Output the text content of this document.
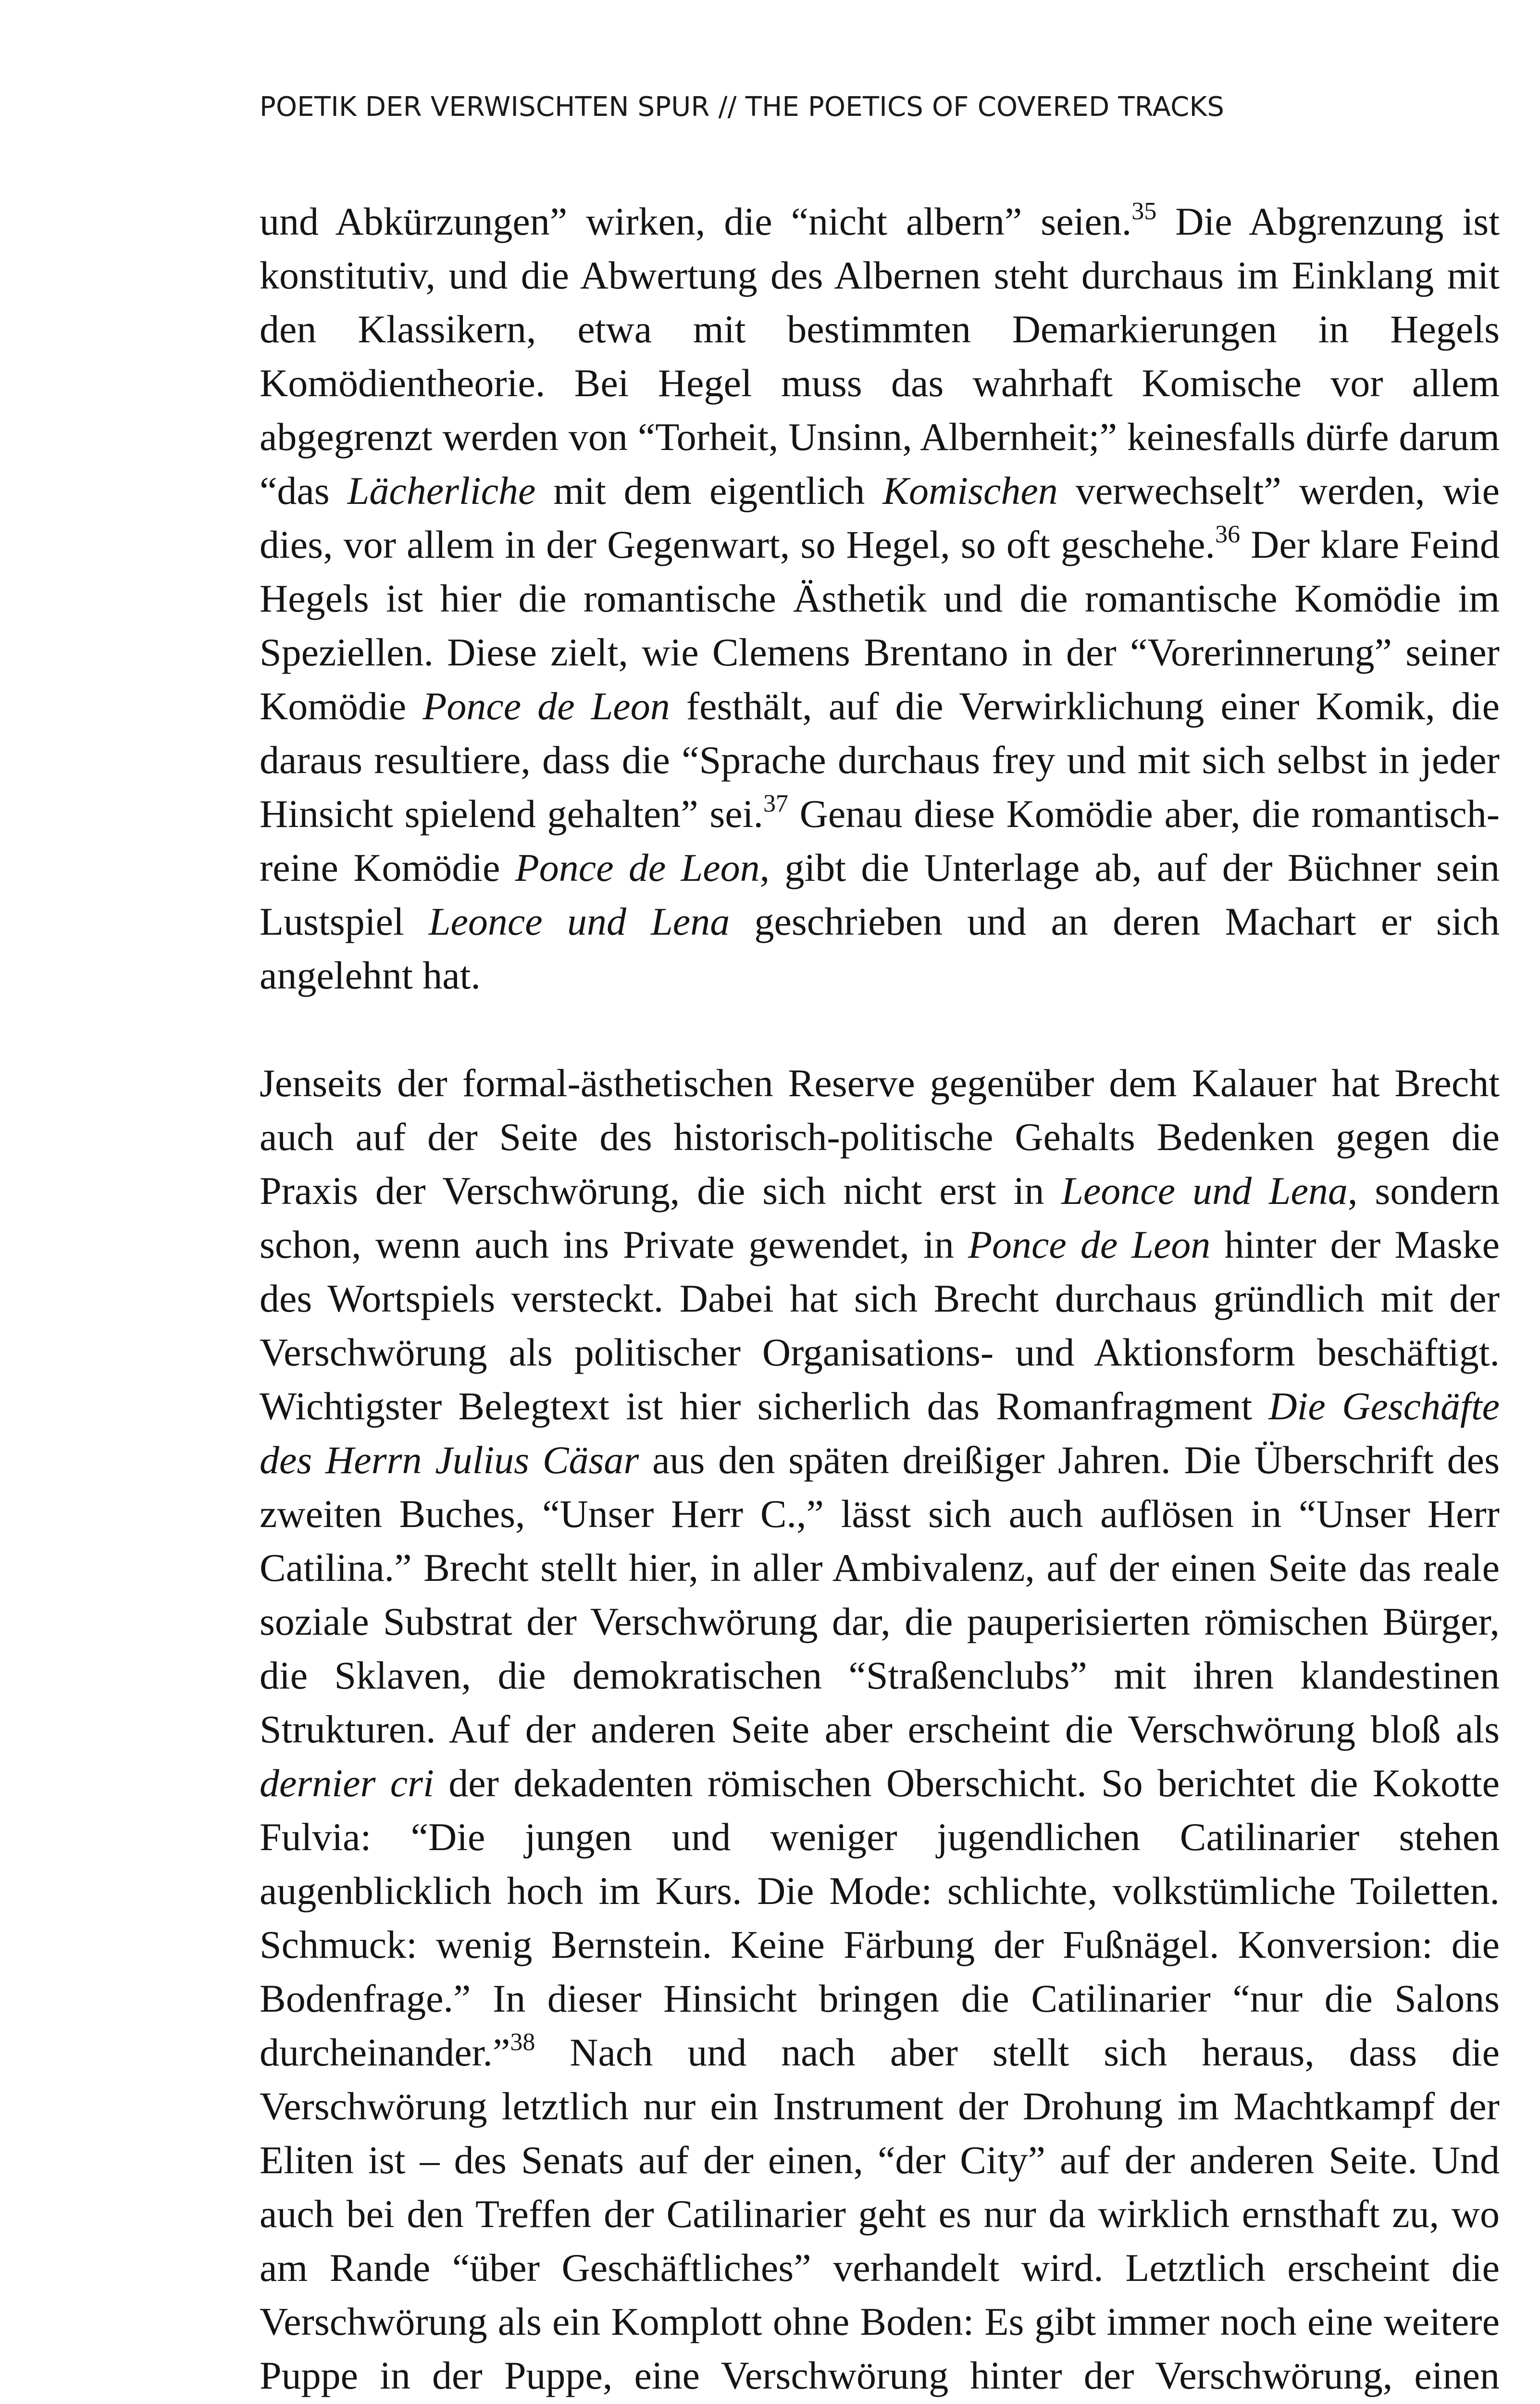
POETIK DER VERWISCHTEN SPUR // THE POETICS OF COVERED TRACKS

und Abkürzungen” wirken, die “nicht albern” seien.$^{35}$ Die Abgrenzung ist konstitutiv, und die Abwertung des Albernen steht durchaus im Einklang mit den Klassikern, etwa mit bestimmten Demarkierungen in Hegels Komödientheorie. Bei Hegel muss das wahrhaft Komische vor allem abgegrenzt werden von “Torheit, Unsinn, Albernheit;” keinesfalls dürfe darum “das Lächerliche mit dem eigentlich Komischen verwechselt” werden, wie dies, vor allem in der Gegenwart, so Hegel, so oft geschehe.$^{36}$ Der klare Feind Hegels ist hier die romantische Ästhetik und die romantische Komödie im Speziellen. Diese zielt, wie Clemens Brentano in der “Vorerinnerung” seiner Komödie Ponce de Leon festhält, auf die Verwirklichung einer Komik, die daraus resultiere, dass die “Sprache durchaus frey und mit sich selbst in jeder Hinsicht spielend gehalten” sei.$^{37}$ Genau diese Komödie aber, die romantisch-reine Komödie Ponce de Leon, gibt die Unterlage ab, auf der Büchner sein Lustspiel Leonce und Lena geschrieben und an deren Machart er sich angelehnt hat.

Jenseits der formal-ästhetischen Reserve gegenüber dem Kalauer hat Brecht auch auf der Seite des historisch-politische Gehalts Bedenken gegen die Praxis der Verschwörung, die sich nicht erst in Leonce und Lena, sondern schon, wenn auch ins Private gewendet, in Ponce de Leon hinter der Maske des Wortspiels versteckt. Dabei hat sich Brecht durchaus gründlich mit der Verschwörung als politischer Organisations- und Aktionsform beschäftigt. Wichtigster Belegtext ist hier sicherlich das Romanfragment Die Geschäfte des Herrn Julius Cäsar aus den späten dreißiger Jahren. Die Überschrift des zweiten Buches, “Unser Herr C.,” lässt sich auch auflösen in “Unser Herr Catilina.” Brecht stellt hier, in aller Ambivalenz, auf der einen Seite das reale soziale Substrat der Verschwörung dar, die pauperisierten römischen Bürger, die Sklaven, die demokratischen “Straßenclubs” mit ihren klandestinen Strukturen. Auf der anderen Seite aber erscheint die Verschwörung bloß als dernier cri der dekadenten römischen Oberschicht. So berichtet die Kokotte Fulvia: “Die jungen und weniger jugendlichen Catilinarier stehen augenblicklich hoch im Kurs. Die Mode: schlichte, volkstümliche Toiletten. Schmuck: wenig Bernstein. Keine Färbung der Fußnägel. Konversion: die Bodenfrage.” In dieser Hinsicht bringen die Catilinarier “nur die Salons durcheinander.”$^{38}$ Nach und nach aber stellt sich heraus, dass die Verschwörung letztlich nur ein Instrument der Drohung im Machtkampf der Eliten ist – des Senats auf der einen, “der City” auf der anderen Seite. Und auch bei den Treffen der Catilinarier geht es nur da wirklich ernsthaft zu, wo am Rande “über Geschäftliches” verhandelt wird. Letztlich erscheint die Verschwörung als ein Komplott ohne Boden: Es gibt immer noch eine weitere Puppe in der Puppe, eine Verschwörung hinter der Verschwörung, einen
